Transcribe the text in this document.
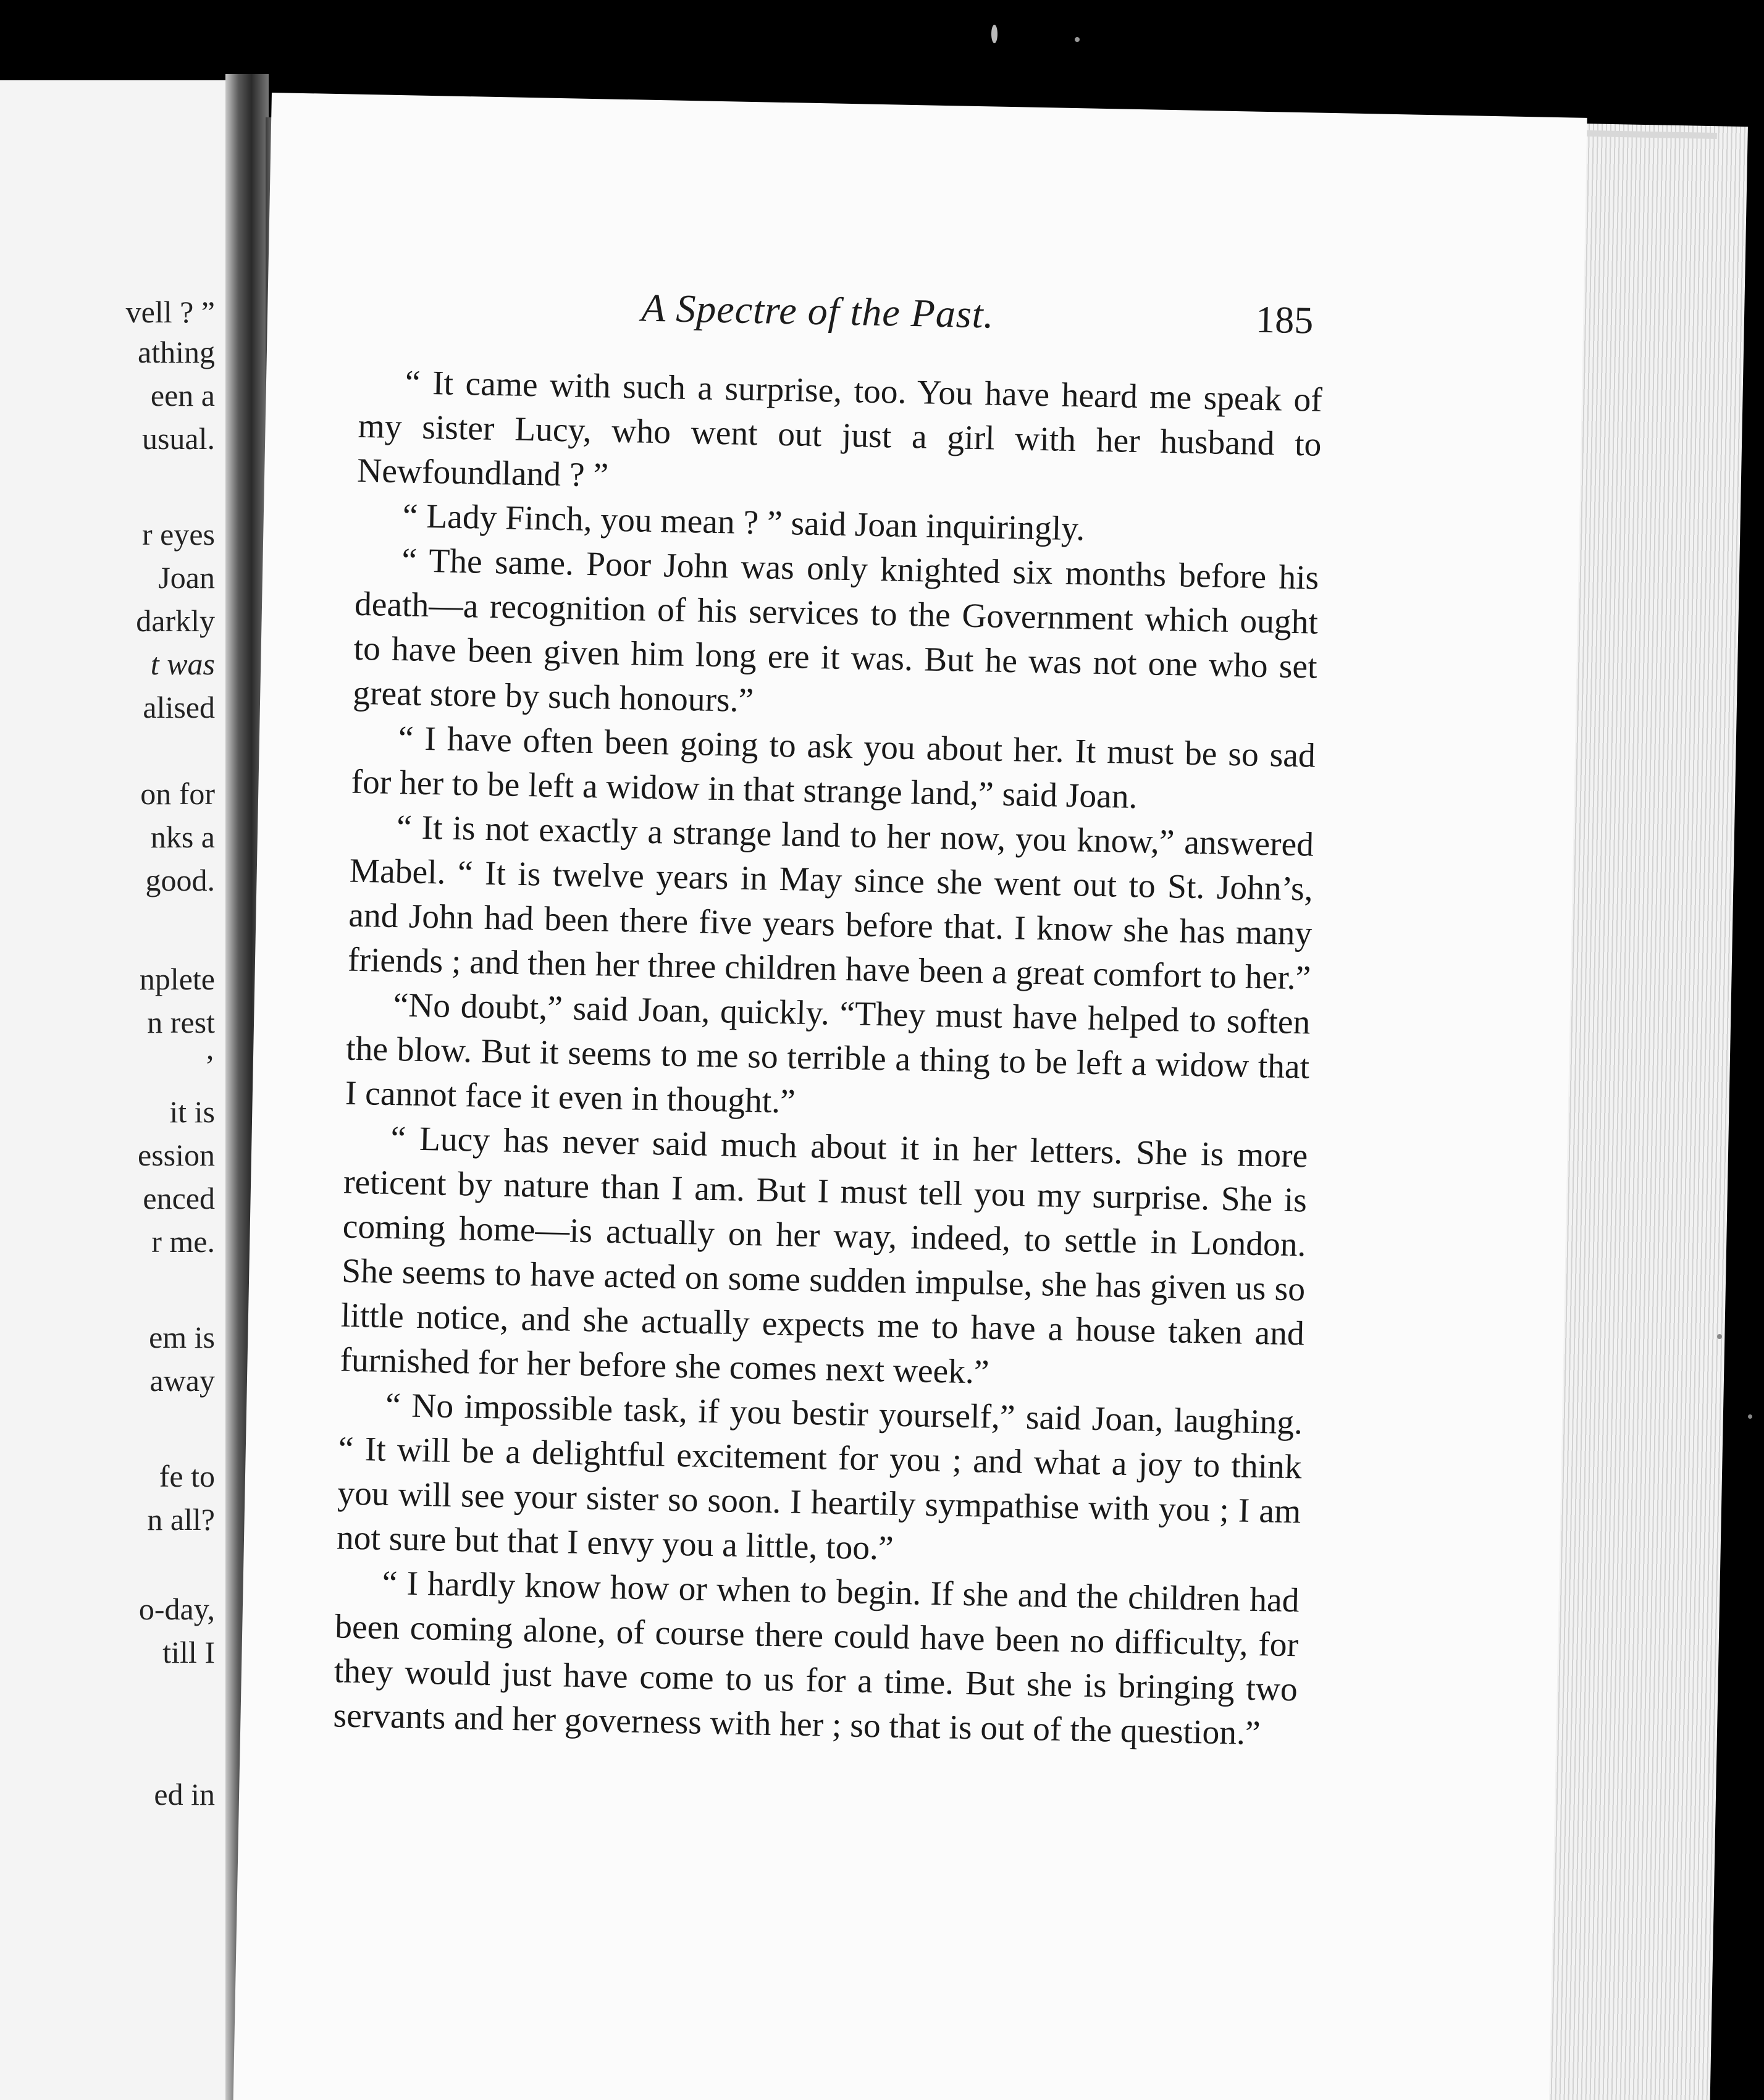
vell ? ”
athing
een a
usual.
r eyes
Joan
darkly
t was
alised
on for
nks a
good.
nplete
n rest
’
it is
ession
enced
r me.
em is
away
fe to
n all?
o-day,
till I
ed in
A Spectre of the Past.	185

“ It came with such a surprise, too. You have heard me speak of my sister Lucy, who went out just a girl with her husband to Newfoundland ? ”

“ Lady Finch, you mean ? ” said Joan inquiringly.

“ The same. Poor John was only knighted six months before his death—a recognition of his services to the Government which ought to have been given him long ere it was. But he was not one who set great store by such honours.”

“ I have often been going to ask you about her. It must be so sad for her to be left a widow in that strange land,” said Joan.

“ It is not exactly a strange land to her now, you know,” answered Mabel. “ It is twelve years in May since she went out to St. John’s, and John had been there five years before that. I know she has many friends ; and then her three children have been a great comfort to her.”

“No doubt,” said Joan, quickly. “They must have helped to soften the blow. But it seems to me so terrible a thing to be left a widow that I cannot face it even in thought.”

“ Lucy has never said much about it in her letters. She is more reticent by nature than I am. But I must tell you my surprise. She is coming home—is actually on her way, indeed, to settle in London. She seems to have acted on some sudden impulse, she has given us so little notice, and she actually expects me to have a house taken and furnished for her before she comes next week.”

“ No impossible task, if you bestir yourself,” said Joan, laughing. “ It will be a delightful excitement for you ; and what a joy to think you will see your sister so soon. I heartily sympathise with you ; I am not sure but that I envy you a little, too.”

“ I hardly know how or when to begin. If she and the children had been coming alone, of course there could have been no difficulty, for they would just have come to us for a time. But she is bringing two servants and her governess with her ; so that is out of the question.”
